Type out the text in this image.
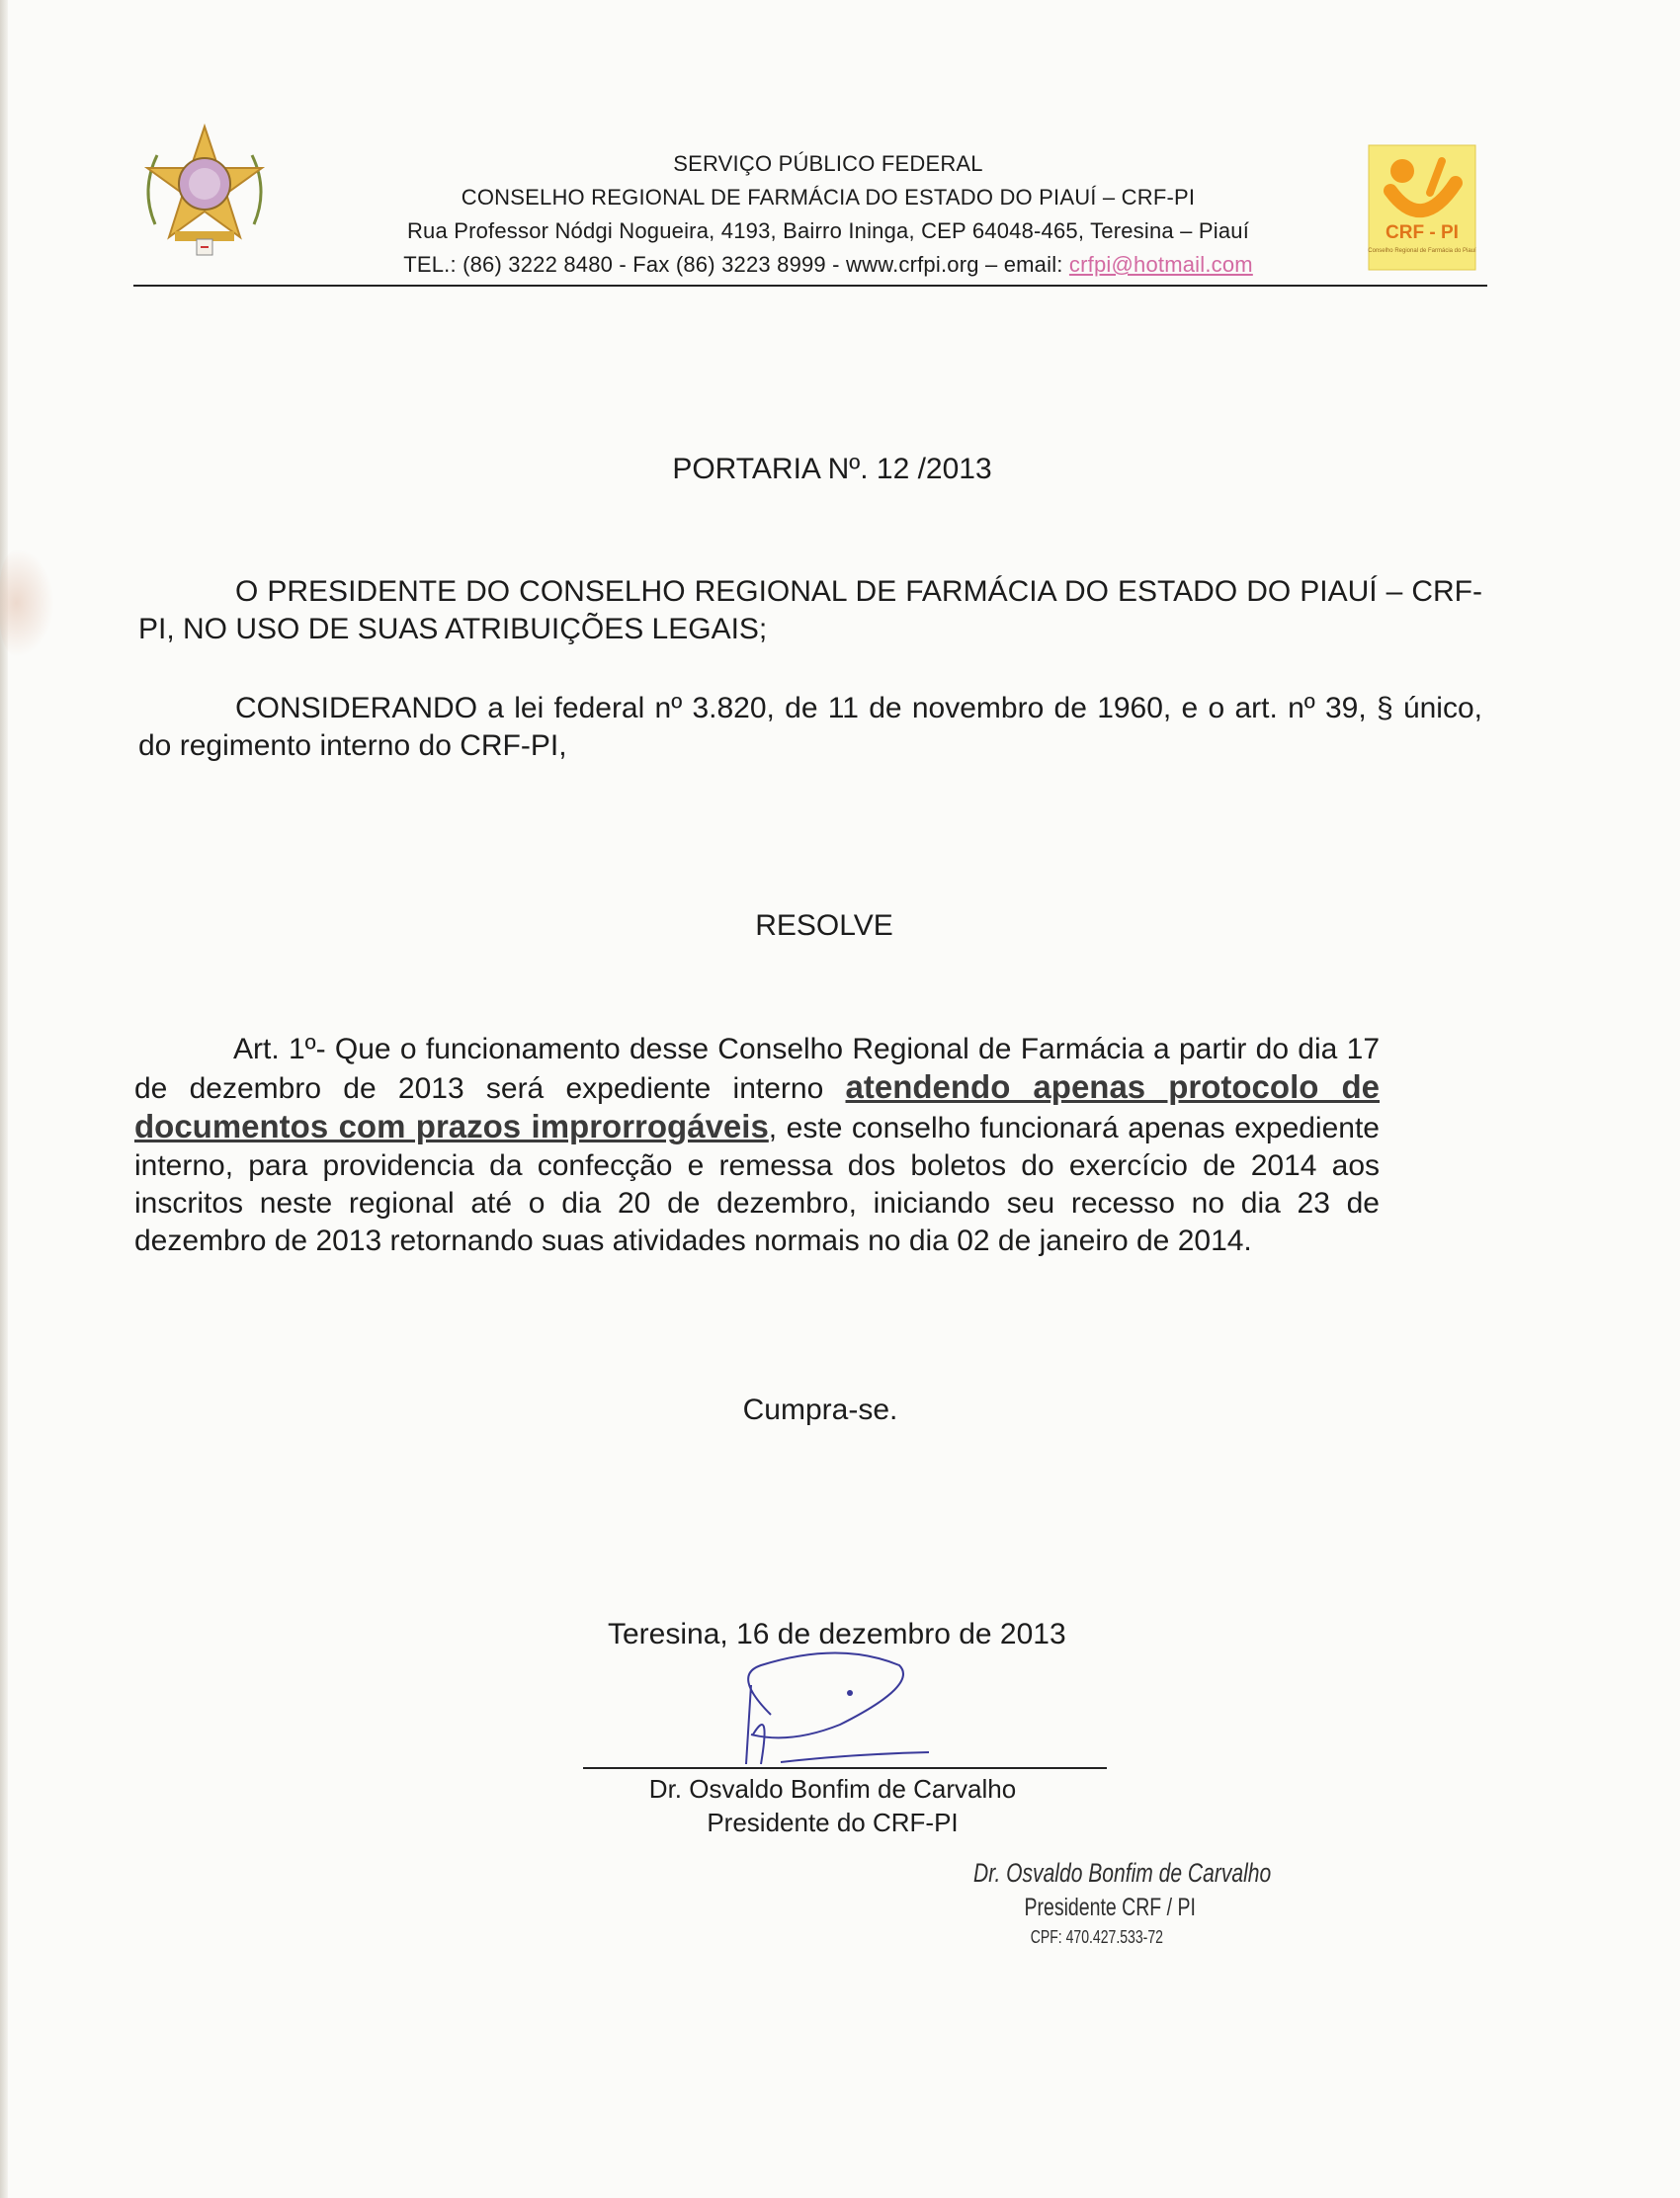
SERVIÇO PÚBLICO FEDERAL
CONSELHO REGIONAL DE FARMÁCIA DO ESTADO DO PIAUÍ – CRF-PI
Rua Professor Nódgi Nogueira, 4193, Bairro Ininga, CEP 64048-465, Teresina – Piauí
TEL.: (86) 3222 8480 - Fax (86) 3223 8999 - www.crfpi.org – email: crfpi@hotmail.com
CRF - PI
Conselho Regional de Farmácia do Piauí
PORTARIA Nº. 12 /2013
O PRESIDENTE DO CONSELHO REGIONAL DE FARMÁCIA DO ESTADO DO PIAUÍ – CRF-PI, NO USO DE SUAS ATRIBUIÇÕES LEGAIS;
CONSIDERANDO a lei federal nº 3.820, de 11 de novembro de 1960, e o art. nº 39, § único, do regimento interno do CRF-PI,
RESOLVE
Art. 1º- Que o funcionamento desse Conselho Regional de Farmácia a partir do dia 17 de dezembro de 2013 será expediente interno atendendo apenas protocolo de documentos com prazos improrrogáveis, este conselho funcionará apenas expediente interno, para providencia da confecção e remessa dos boletos do exercício de 2014 aos inscritos neste regional até o dia 20 de dezembro, iniciando seu recesso no dia 23 de dezembro de 2013 retornando suas atividades normais no dia 02 de janeiro de 2014.
Cumpra-se.
Teresina, 16 de dezembro de 2013
Dr. Osvaldo Bonfim de Carvalho
Presidente do CRF-PI
Dr. Osvaldo Bonfim de Carvalho
Presidente CRF / PI
CPF: 470.427.533-72
